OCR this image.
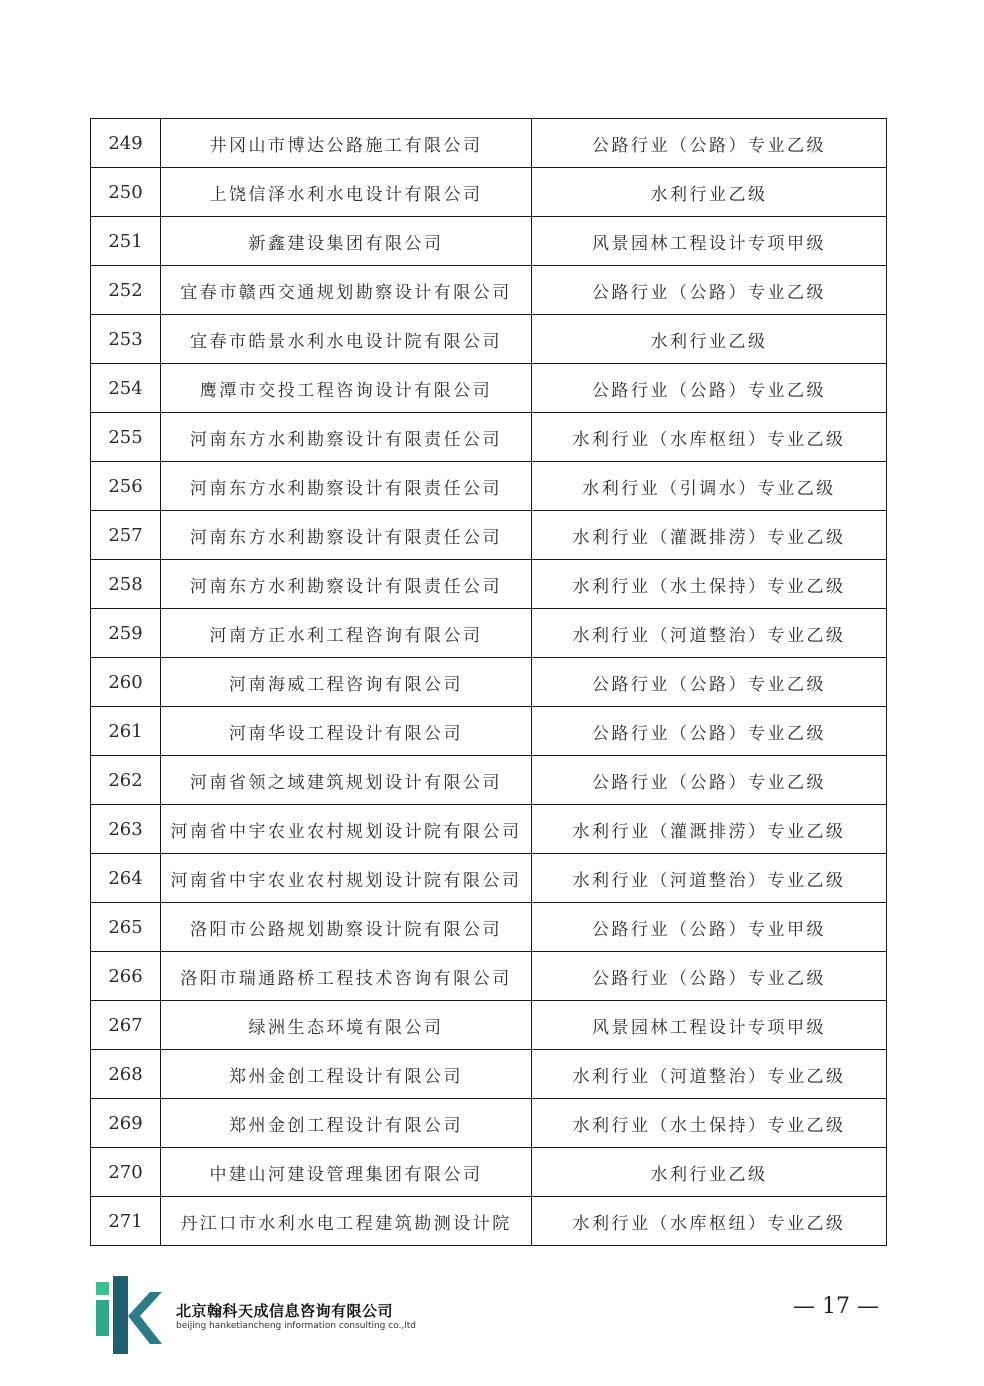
249	井冈山市博达公路施工有限公司	公路行业（公路）专业乙级
250	上饶信泽水利水电设计有限公司	水利行业乙级
251	新鑫建设集团有限公司	风景园林工程设计专项甲级
252	宜春市赣西交通规划勘察设计有限公司	公路行业（公路）专业乙级
253	宜春市皓景水利水电设计院有限公司	水利行业乙级
254	鹰潭市交投工程咨询设计有限公司	公路行业（公路）专业乙级
255	河南东方水利勘察设计有限责任公司	水利行业（水库枢纽）专业乙级
256	河南东方水利勘察设计有限责任公司	水利行业（引调水）专业乙级
257	河南东方水利勘察设计有限责任公司	水利行业（灌溉排涝）专业乙级
258	河南东方水利勘察设计有限责任公司	水利行业（水土保持）专业乙级
259	河南方正水利工程咨询有限公司	水利行业（河道整治）专业乙级
260	河南海威工程咨询有限公司	公路行业（公路）专业乙级
261	河南华设工程设计有限公司	公路行业（公路）专业乙级
262	河南省领之域建筑规划设计有限公司	公路行业（公路）专业乙级
263	河南省中宇农业农村规划设计院有限公司	水利行业（灌溉排涝）专业乙级
264	河南省中宇农业农村规划设计院有限公司	水利行业（河道整治）专业乙级
265	洛阳市公路规划勘察设计院有限公司	公路行业（公路）专业甲级
266	洛阳市瑞通路桥工程技术咨询有限公司	公路行业（公路）专业乙级
267	绿洲生态环境有限公司	风景园林工程设计专项甲级
268	郑州金创工程设计有限公司	水利行业（河道整治）专业乙级
269	郑州金创工程设计有限公司	水利行业（水土保持）专业乙级
270	中建山河建设管理集团有限公司	水利行业乙级
271	丹江口市水利水电工程建筑勘测设计院	水利行业（水库枢纽）专业乙级
北京翰科天成信息咨询有限公司
beijing hanketiancheng information consulting co.,ltd
— 17 —
